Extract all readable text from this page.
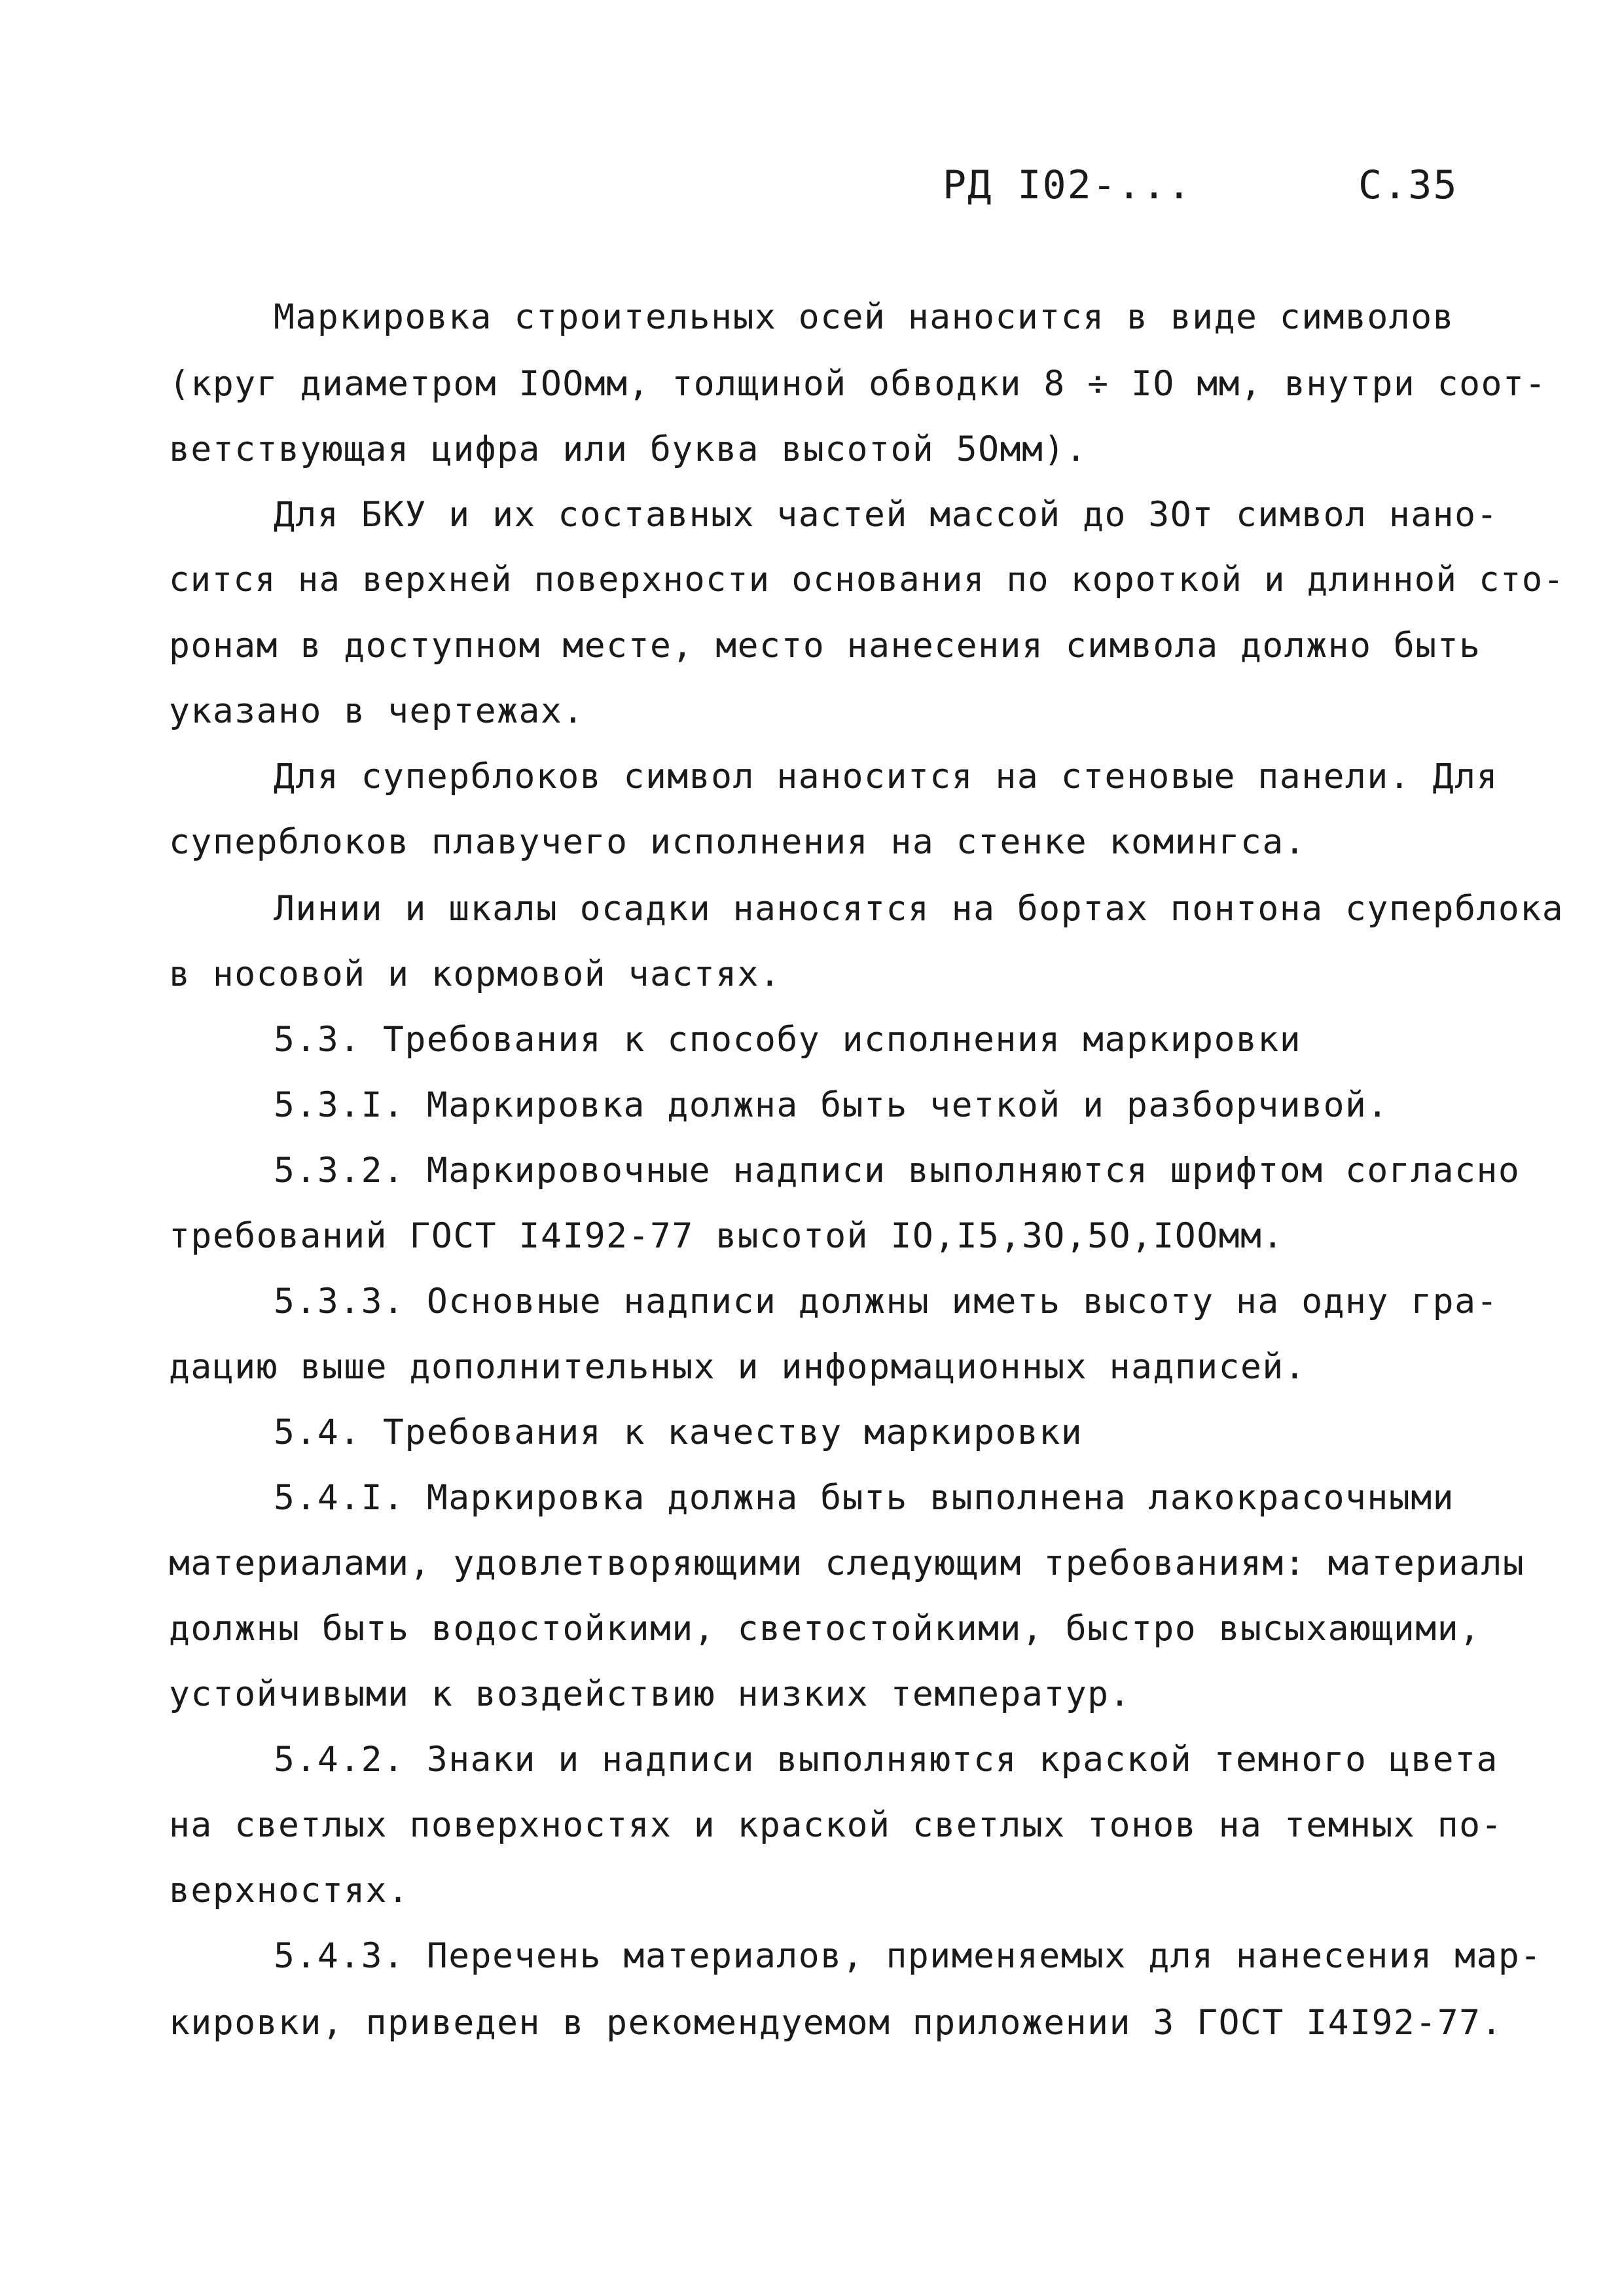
РД I02-...	С.35
Маркировка строительных осей наносится в виде символов
(круг диаметром IOOмм, толщиной обводки 8 ÷ IO мм, внутри соот-
ветствующая цифра или буква высотой 5Oмм).
Для БКУ и их составных частей массой до 3Oт символ нано-
сится на верхней поверхности основания по короткой и длинной сто-
ронам в доступном месте, место нанесения символа должно быть
указано в чертежах.
Для суперблоков символ наносится на стеновые панели. Для
суперблоков плавучего исполнения на стенке комингса.
Линии и шкалы осадки наносятся на бортах понтона суперблока
в носовой и кормовой частях.
5.3. Требования к способу исполнения маркировки
5.3.I. Маркировка должна быть четкой и разборчивой.
5.3.2. Маркировочные надписи выполняются шрифтом согласно
требований ГОСТ I4I92-77 высотой IO,I5,3O,5O,IOOмм.
5.3.3. Основные надписи должны иметь высоту на одну гра-
дацию выше дополнительных и информационных надписей.
5.4. Требования к качеству маркировки
5.4.I. Маркировка должна быть выполнена лакокрасочными
материалами, удовлетворяющими следующим требованиям: материалы
должны быть водостойкими, светостойкими, быстро высыхающими,
устойчивыми к воздействию низких температур.
5.4.2. Знаки и надписи выполняются краской темного цвета
на светлых поверхностях и краской светлых тонов на темных по-
верхностях.
5.4.3. Перечень материалов, применяемых для нанесения мар-
кировки, приведен в рекомендуемом приложении 3 ГОСТ I4I92-77.
